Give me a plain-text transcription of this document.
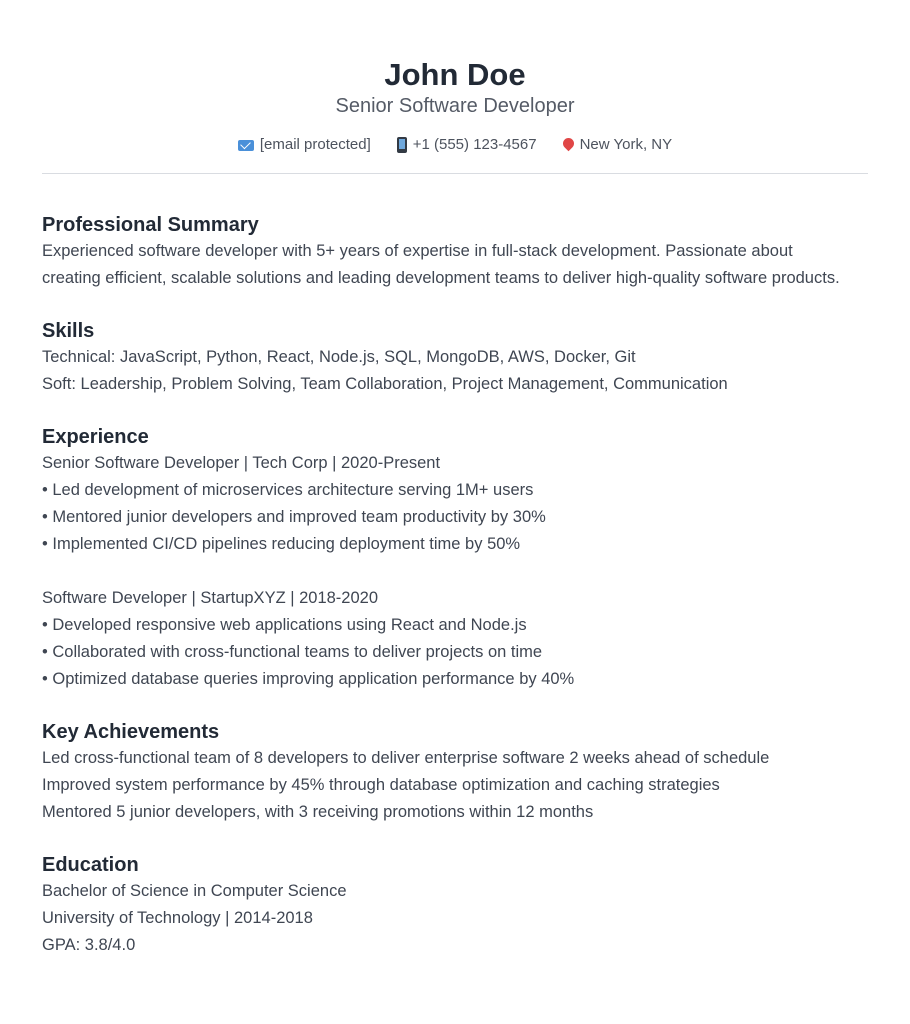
John Doe
Senior Software Developer
[email protected]	+1 (555) 123-4567	New York, NY
Professional Summary
Experienced software developer with 5+ years of expertise in full-stack development. Passionate about
creating efficient, scalable solutions and leading development teams to deliver high-quality software products.
Skills
Technical: JavaScript, Python, React, Node.js, SQL, MongoDB, AWS, Docker, Git
Soft: Leadership, Problem Solving, Team Collaboration, Project Management, Communication
Experience
Senior Software Developer | Tech Corp | 2020-Present
• Led development of microservices architecture serving 1M+ users
• Mentored junior developers and improved team productivity by 30%
• Implemented CI/CD pipelines reducing deployment time by 50%
Software Developer | StartupXYZ | 2018-2020
• Developed responsive web applications using React and Node.js
• Collaborated with cross-functional teams to deliver projects on time
• Optimized database queries improving application performance by 40%
Key Achievements
Led cross-functional team of 8 developers to deliver enterprise software 2 weeks ahead of schedule
Improved system performance by 45% through database optimization and caching strategies
Mentored 5 junior developers, with 3 receiving promotions within 12 months
Education
Bachelor of Science in Computer Science
University of Technology | 2014-2018
GPA: 3.8/4.0
